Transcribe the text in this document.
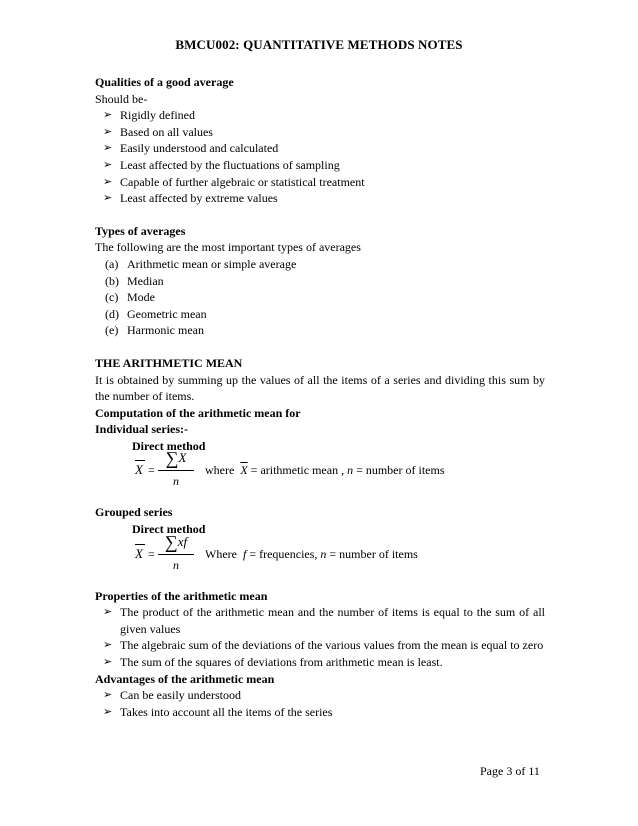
BMCU002: QUANTITATIVE METHODS NOTES
Qualities of a good average
Should be-
➢ Rigidly defined
➢ Based on all values
➢ Easily understood and calculated
➢ Least affected by the fluctuations of sampling
➢ Capable of further algebraic or statistical treatment
➢ Least affected by extreme values
Types of averages
The following are the most important types of averages
(a) Arithmetic mean or simple average
(b) Median
(c) Mode
(d) Geometric mean
(e) Harmonic mean
THE ARITHMETIC MEAN
It is obtained by summing up the values of all the items of a series and dividing this sum by the number of items.
Computation of the arithmetic mean for
Individual series:-
Direct method
X =
∑X
n
where $\overline{X}$ = arithmetic mean , n = number of items
Grouped series
Direct method
X =
∑xf
n
Where f = frequencies, n = number of items
Properties of the arithmetic mean
➢ The product of the arithmetic mean and the number of items is equal to the sum of all given values
➢ The algebraic sum of the deviations of the various values from the mean is equal to zero
➢ The sum of the squares of deviations from arithmetic mean is least.
Advantages of the arithmetic mean
➢ Can be easily understood
➢ Takes into account all the items of the series
Page 3 of 11
